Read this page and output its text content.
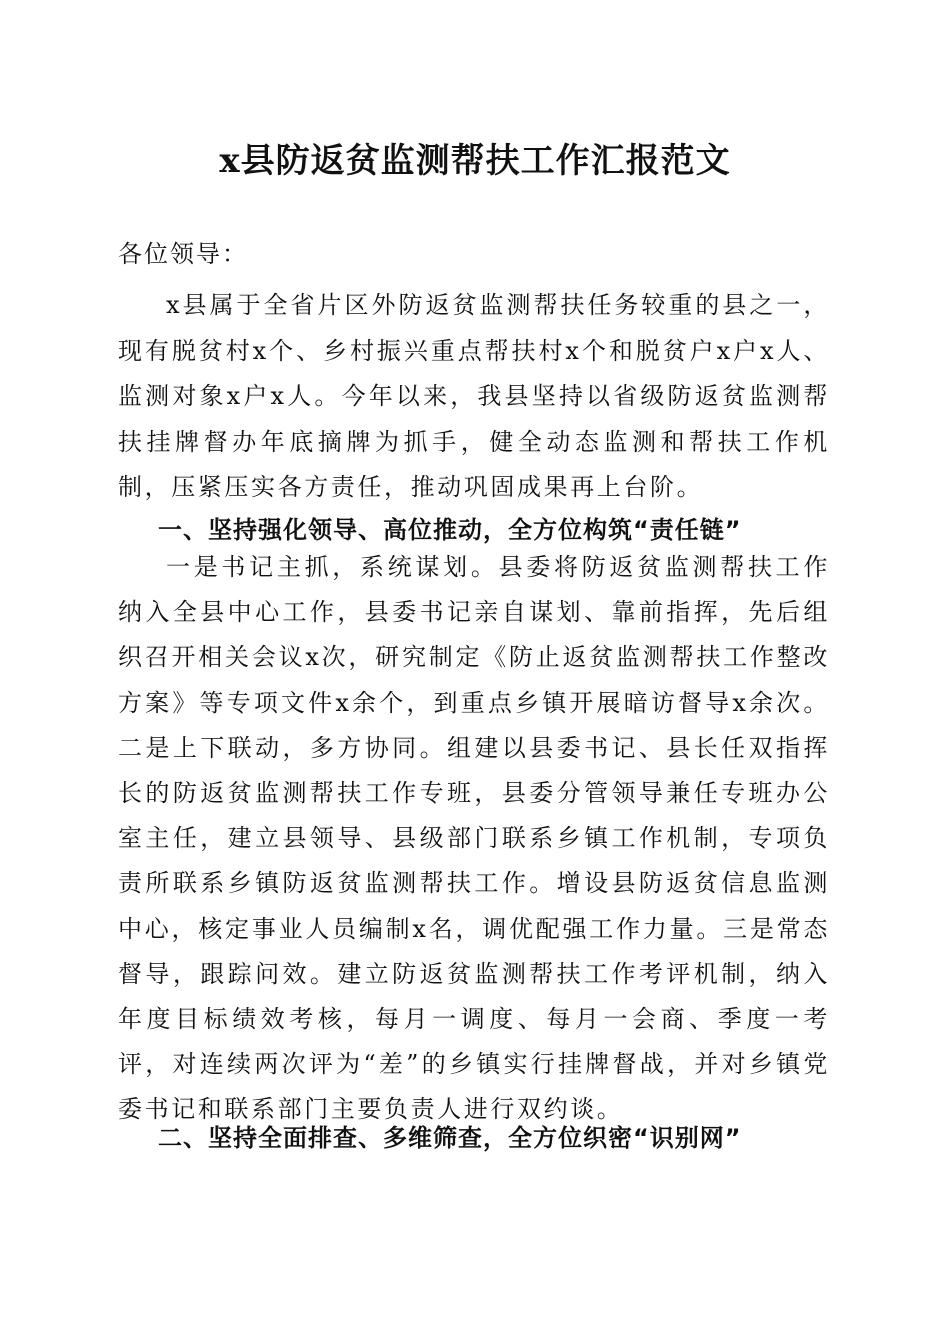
x县防返贫监测帮扶工作汇报范文
各位领导：

x县属于全省片区外防返贫监测帮扶任务较重的县之一，现有脱贫村x个、乡村振兴重点帮扶村x个和脱贫户x户x人、监测对象x户x人。今年以来，我县坚持以省级防返贫监测帮扶挂牌督办年底摘牌为抓手，健全动态监测和帮扶工作机制，压紧压实各方责任，推动巩固成果再上台阶。

一、坚持强化领导、高位推动，全方位构筑“责任链”

一是书记主抓，系统谋划。县委将防返贫监测帮扶工作纳入全县中心工作，县委书记亲自谋划、靠前指挥，先后组织召开相关会议x次，研究制定《防止返贫监测帮扶工作整改方案》等专项文件x余个，到重点乡镇开展暗访督导x余次。二是上下联动，多方协同。组建以县委书记、县长任双指挥长的防返贫监测帮扶工作专班，县委分管领导兼任专班办公室主任，建立县领导、县级部门联系乡镇工作机制，专项负责所联系乡镇防返贫监测帮扶工作。增设县防返贫信息监测中心，核定事业人员编制x名，调优配强工作力量。三是常态督导，跟踪问效。建立防返贫监测帮扶工作考评机制，纳入年度目标绩效考核，每月一调度、每月一会商、季度一考评，对连续两次评为“差”的乡镇实行挂牌督战，并对乡镇党委书记和联系部门主要负责人进行双约谈。

二、坚持全面排查、多维筛查，全方位织密“识别网”
